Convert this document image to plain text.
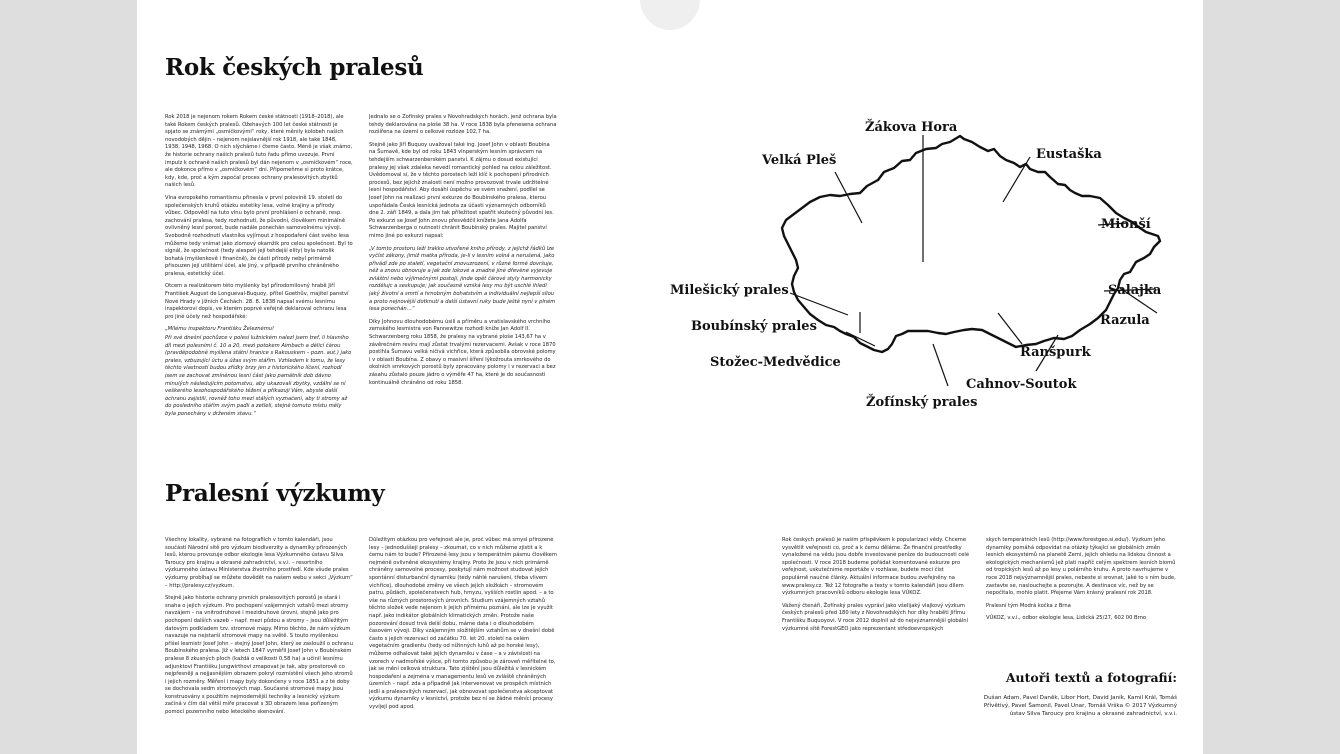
Rok českých pralesů

Rok 2018 je nejenom rokem Rokem české státnosti (1918–2018), ale také Rokem českých pralesů. Ožehavých 100 let české státnosti je spjato se známými „osmičkovými“ roky, které měnily kolobeh našich novodobých dějin – nejenom nejslavnější rok 1918, ale také 1848, 1938, 1948, 1968. O nich slýcháme i čteme často. Méně je však známo, že historie ochrany našich pralesů tuto řadu přímo uvozuje. První impulz k ochraně našich pralesů byl dán nejenom v „osmičkovém“ roce, ale dokonce přímo v „osmičkovém“ dni. Připomeňme si proto krátce, kdy, kde, proč a kým započal proces ochrany pralesovitých zbytků našich lesů.

Vlna evropského romantismu přinesla v první polovině 19. století do společenských kruhů otázku estetiky lesa, volné krajiny a přírody vůbec. Odpovědí na tuto vlnu bylo první prohlášení o ochraně, resp. zachování pralesa, tedy rozhodnutí, že původní, člověkem minimálně ovlivněný lesní porost, bude nadále ponechán samovolnému vývoji. Svobodně rozhodnutí vlastníka vyjímout z hospodaření část svého lesa můžeme tedy vnímat jako zlomový okamžik pro celou společnost. Byl to signál, že společnost (tedy alespoň její tehdejší elity) byla natolik bohatá (myšlenkově i finančně), že části přírody nebyl primárně přisouzen její utilitární účel, ale jiný, v případě prvního chráněného pralesa, estetický účel.

Otcem a realizátorem této myšlenky byl přírodomilovný hrabě Jiří František August de Longueval-Buquoy, přítel Goethův, majitel panství Nové Hrady v jižních Čechách. 28. 8. 1838 napsal svému lesnímu inspektorovi dopis, ve kterém poprvé veřejně deklaroval ochranu lesa pro jiné účely než hospodářské:

„Milému inspektoru Františku Železnému!

Při své dnešní pochůzce v polesí lužnickém nalezl jsem tref, li hlavního díl mezi polesními č. 10 a 20, mezi potokem Aimbach a dělicí čárou (pravděpodobně myšlena státní hranice s Rakouskem – pozn. aut.) jako prales, vzbuzující úctu a úžas svým stářím. Vzhledem k tomu, že lesy těchto vlastností budou zřídky brzy jen z historického líčení, rozhodl jsem se zachovat zmíněnou lesní část jako památník dob dávno minulých následujícím potomstvu, aby ukazovali zbytky, vzdální se ní veškerého lesohospodářského těžení a přikazuji Vám, abyste další ochranu zajistili, rovněž toho mezi stálých vyznačení, aby ti stromy až do posledního stářím svým padli a zetleli, stejně tomuto místu měly byla ponechány v drženém stavu.“

Jednalo se o Žofínský prales v Novohradských horách, jenž ochrana byla tehdy deklarována na ploše 38 ha. V roce 1838 byla přenesena ochrana rozšířena na území o celkové rozloze 102,7 ha.

Stejně jako Jiří Buquoy uvažoval také ing. Josef John v oblasti Boubína na Šumavě, kde byl od roku 1843 vlnperským lesním správcem na tehdejším schwarzenberském panství. K zájmu o dosud existující pralesy jej však zdaleka nevedl romantický pohled na celou záležitost. Uvědomoval si, že v těchto porostech leží klíč k pochopení přírodních procesů, bez jejichž znalosti není možno provozovat trvale udržitelné lesní hospodářství. Aby dosáhl úspěchu ve svém snažení, podílel se Josef John na realizaci první exkurze do Boubínského pralesa, kterou uspořádala Česká lesnická jednota za účasti významných odborníků dne 2. září 1849, a dala jim tak příležitost spatřit skutečný původní les. Po exkurzi se Josef John znovu přesvědčil knížete Jana Adolfa Schwarzenberga o nutnosti chránit Boubínský prales. Majitel panství mimo jiné po exkurzi napsal:

„V tomto prostoru leží trakko utvořené kniho přírody, z jejichž řádků lze vyčíst zákony, jimiž matka příroda, je-li v lesním volná a nerušená, jako přivádí zde po staletí, vegetační znovuzrození, v různé formě dovršuje, něž a znovu obnovuje a jak zde lokové a znadné jiné dřevěné vyjevuje zvláštní nebo výjimečnými postoji, jinde opět čárové styly harmonicky rozdělujc a seskupuje; jak současně vzniká lesy mu být uschlé ihledí jaký životní a smrtí a hrnobným bohatstvím a individuální nejlepší sílou a proto nejnovější dotknutí a další ústavní ruky bude ještě nyní v plném lesa ponechán…“

Díky Johnovu dlouhodobému úsilí a příměru a vratislavského vrchního zemského lesmistra von Pannewitze rozhodl kníže Jan Adolf II. Schwarzenberg roku 1858, že pralesy na vybrané ploše 143,67 ha v závěrečném revíru mají zůstat trvalými rezervacemi. Avšak v roce 1870 postihla Šumavu velká ničivá vichřice, která způsobila obrovské polomy i v oblasti Boubína. Z obavy o masivní šíření lýkožrouta smrkového do okolních smrkových porostů byly zpracovány polomy i v rezervaci a bez zásahu zůstalo pouze jádro o výměře 47 ha, které je do současnosti kontinuálně chráněno od roku 1858.

Pralesní výzkumy

Všechny lokality, vybrané na fotografiích v tomto kalendáři, jsou součástí Národní sítě pro výzkum biodiverzity a dynamiky přirozených lesů, kterou provozuje odbor ekologie lesa Výzkumného ústavu Silva Taroucy pro krajinu a okrasné zahradnictví, v.v.i. – resortního výzkumného ústavu Ministerstva životního prostředí. Kde všude prales výzkumy probíhají se můžete dovědět na našem webu v sekci „Výzkum“ – http://pralesy.cz/vyzkum.

Stejně jako historie ochrany prvních pralesovitých porostů je stará i snaha o jejich výzkum. Pro pochopení vzájemných vztahů mezi stromy navzájem – na vnitrodruhové i mezidruhové úrovni, stejně jako pro pochopení dalších vazeb – např. mezi půdou a stromy – jsou důležitým datovým podkladem tzv. stromové mapy. Mimo těchto, že nám výzkum navazuje na nejstarší stromové mapy na světě. S touto myšlenkou přišel lesmistr Josef John – stejný Josef John, který se zasloužil o ochranu Boubínského pralesa. Již v letech 1847 vyměřil Josef John v Boubínském pralese 8 zkusných ploch (každá o velikosti 0,58 ha) a učinil lesnímu adjunktovi Františku Jungwirthovi zmapovat je tak, aby prostorově co nejpřesněji a nejjasnějším obrazem pokryl rozmístění všech jeho stromů i jejich rozměry. Měření i mapy byly dokončeny v roce 1851 a z té doby se dochovala sedm stromových map. Současné stromové mapy jsou konstruovány s použitím nejmodernější techniky a lesnický výzkum začíná v čím dál větší míře pracovat s 3D obrazem lesa pořízeným pomocí pozemního nebo leteckého skenování.

Důležitým otázkou pro veřejnost ale je, proč vůbec má smysl přirozené lesy – jednoduššeji pralesy – zkoumat, co v nich můžeme zjistit a k čemu nám to bude? Přirozené lesy jsou v temperátním pásmu člověkem nejméně ovlivněné ekosystémy krajiny. Proto že jsou v nich primárně chráněny samovolné procesy, poskytují nám možnost studovat jejich spontánní disturbanční dynamiku (tedy náhlé narušení, třeba vlivem vichřice), dlouhodobé změny ve všech jejích složkách – stromovém patru, půdách, společenstvech hub, hmyzu, vyšších rostlin apod. – a to vše na různých prostorových úrovních. Studium vzájemných vztahů těchto složek vede nejenom k jejich přímému poznání, ale lze je využít např. jako indikátor globálních klimatických změn. Protože naše pozorování dosud trvá delší dobu, máme data i o dlouhodobém časovém vývoji. Díky vzájemným složitějším vztahům se v dnešní době často s jejich rezervací od začátku 70. let 20. století na celém vegetačním gradientu (tedy od nížinných luhů až po horské lesy), můžeme odhalovat také jejich dynamiku v čase – a v závislosti na vzorech v nadmořské výšce, při tomto způsobu je zároveň měřitelné to, jak se mění celková struktura. Tato zjištění jsou důležitá v lesnickém hospodaření a zejména v managementu lesů ve zvláště chráněných územích – např. zda a případně jak intervenovat ve prospěch místních jedlí a pralesovitých rezervací, jak obnovovat společenstva akceptovat výzkumu dynamiky v lesnictví, protože bez ní se žádné měnící procesy vyvíjejí pod apod.

Žákova Hora
Velká Pleš	Eustaška
Mionší
Salajka
Razula
Milešický prales
Boubínský prales
Stožec-Medvědice
Ranšpurk
Cahnov-Soutok
Žofínský prales

Rok českých pralesů je naším příspěvkem k popularizaci vědy. Chceme vysvětlit veřejnosti co, proč a k čemu děláme. Že finanční prostředky vynaložené na vědu jsou dobře investované peníze do budoucnosti celé společnosti. V roce 2018 budeme pořádat komentované exkurze pro veřejnost, uskutečníme reportáže v rozhlase, budete moci číst populárně naučné články. Aktuální informace budou zveřejněny na www.pralesy.cz. Též 12 fotografie a texty v tomto kalendáři jsou dílem výzkumných pracovníků odboru ekologie lesa VÚKOZ.

Vážený čtenáři, Žofínský prales vypráví jako všelijaký vlajkový výzkum českých pralesů před 180 lety z Novohradských hor díky hraběti Jiřímu Františku Buquoyovi. V roce 2012 doplnil až do nejvýznamnější globální výzkumné sítě ForestGEO jako reprezentant středoevropských

ských temperátních lesů (http://www.forestgeo.si.edu/). Výzkum jeho dynamiky pomáhá odpovídat na otázky týkající se globálních změn lesních ekosystémů na planetě Zemi, jejich ohledu na lidskou činnost a ekologických mechanismů jež platí napříč celým spektrem lesních biomů od tropických lesů až po lesy u polárního kruhu. A proto navrhujeme v roce 2018 nejvýznamnější prales, nebeste si srovnat, jaké to s ním bude, zastavte se, naslouchejte a pozorujte. A destinace víc, než by se nepočítalo, mohlo platit. Přejeme Vám krásný pralesní rok 2018.

Pralesní tým Modrá kočka z Brna

VÚKOZ, v.v.i., odbor ekologie lesa, Lidická 25/27, 602 00 Brno

Autoři textů a fotografií:
Dušan Adam, Pavel Daněk, Libor Hort, David Janík, Kamil Král, Tomáš Přívětivý, Pavel Šamonil, Pavel Unar, Tomáš Vrška © 2017 Výzkumný ústav Silva Taroucy pro krajinu a okrasné zahradnictví, v.v.i.
